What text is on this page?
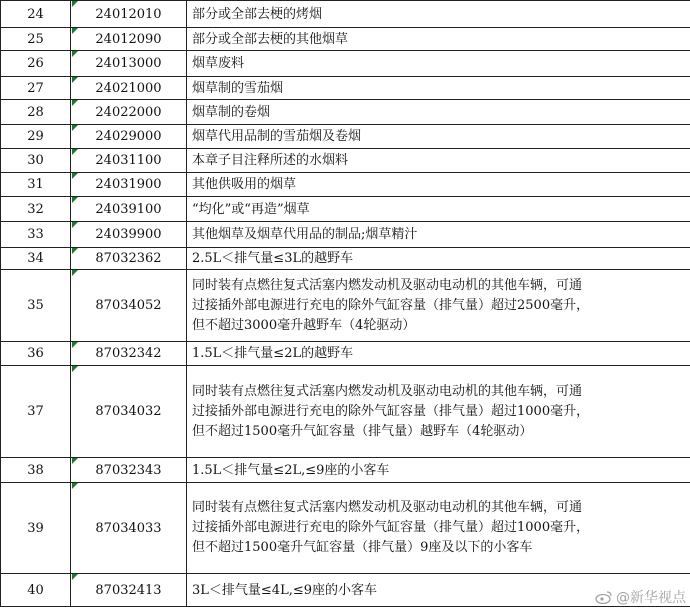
24	24012010	部分或全部去梗的烤烟

25	24012090	部分或全部去梗的其他烟草

26	24013000	烟草废料

27	24021000	烟草制的雪茄烟

28	24022000	烟草制的卷烟

29	24029000	烟草代用品制的雪茄烟及卷烟

30	24031100	本章子目注释所述的水烟料

31	24031900	其他供吸用的烟草

32	24039100	“均化”或“再造”烟草

33	24039900	其他烟草及烟草代用品的制品;烟草精汁

34	87032362	2.5L＜排气量≤3L的越野车

35	87034052	同时装有点燃往复式活塞内燃发动机及驱动电动机的其他车辆，可通
过接插外部电源进行充电的除外气缸容量（排气量）超过2500毫升，
但不超过3000毫升越野车（4轮驱动）

36	87032342	1.5L＜排气量≤2L的越野车

37	87034032	同时装有点燃往复式活塞内燃发动机及驱动电动机的其他车辆，可通
过接插外部电源进行充电的除外气缸容量（排气量）超过1000毫升，
但不超过1500毫升气缸容量（排气量）越野车（4轮驱动）

38	87032343	1.5L＜排气量≤2L,≤9座的小客车

39	87034033	同时装有点燃往复式活塞内燃发动机及驱动电动机的其他车辆，可通
过接插外部电源进行充电的除外气缸容量（排气量）超过1000毫升，
但不超过1500毫升气缸容量（排气量）9座及以下的小客车

40	87032413	3L＜排气量≤4L,≤9座的小客车	@新华视点
